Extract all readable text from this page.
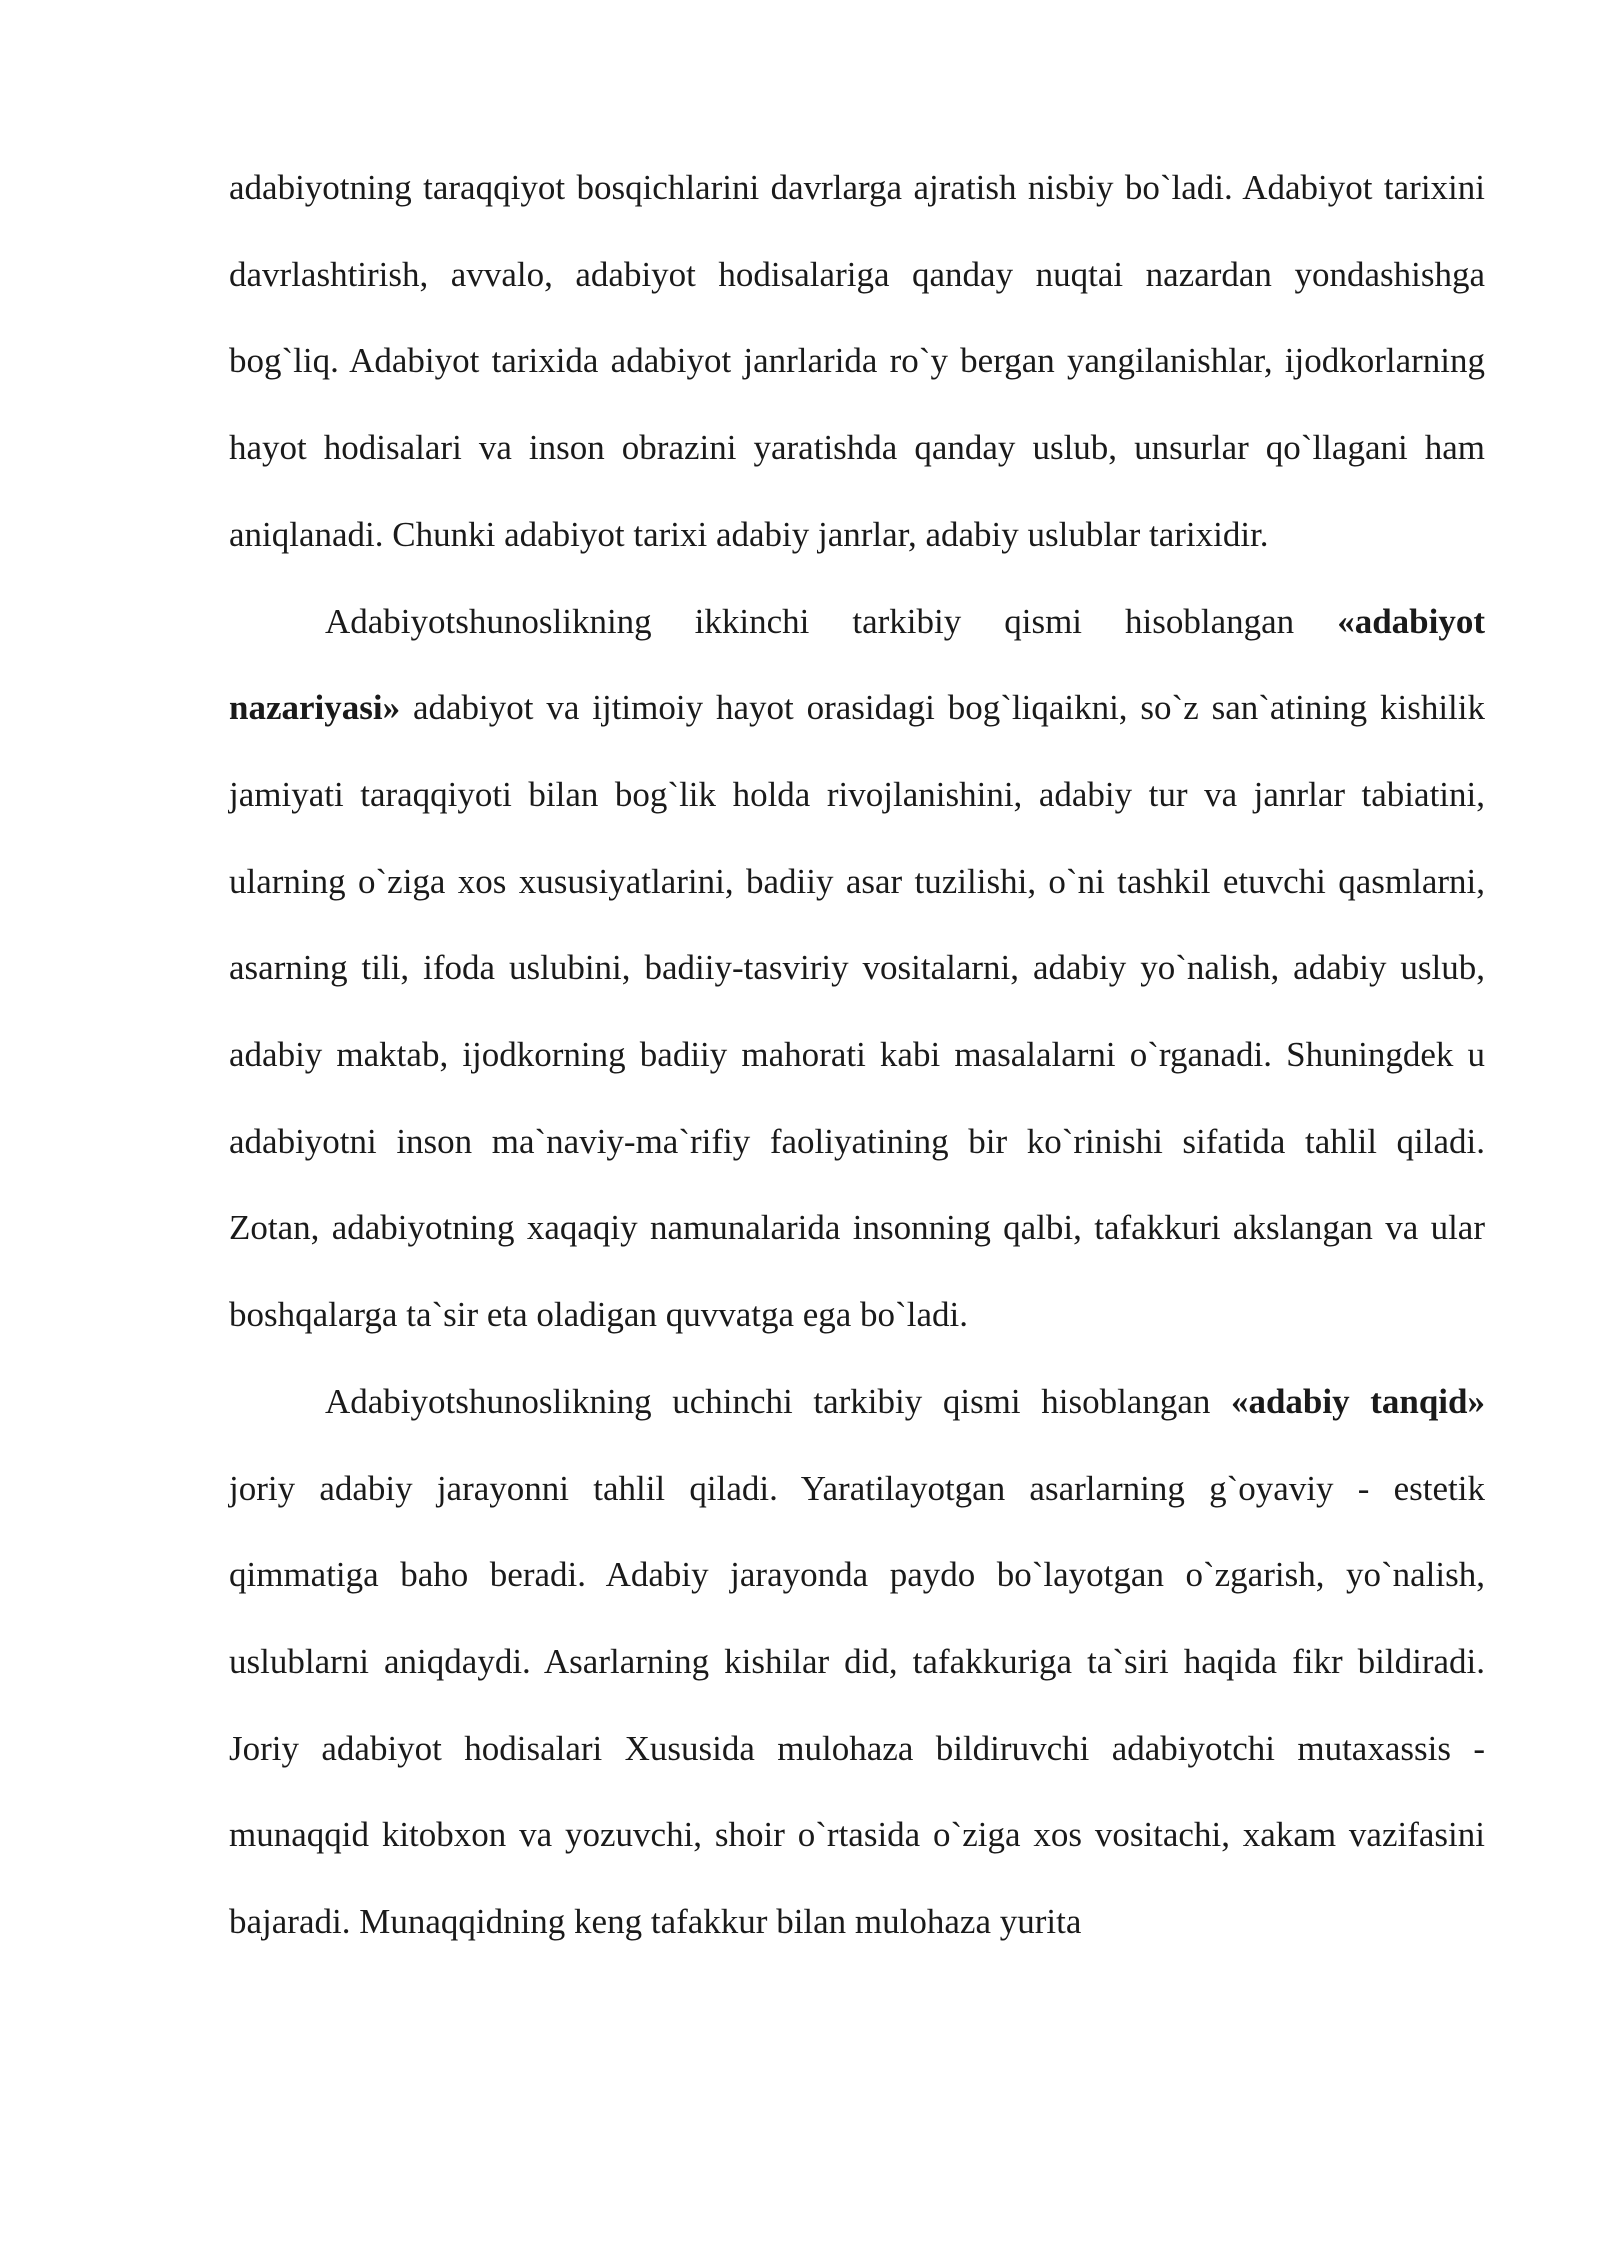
adabiyotning taraqqiyot bosqichlarini davrlarga ajratish nisbiy bo`ladi. Adabiyot tarixini davrlashtirish, avvalo, adabiyot hodisalariga qanday nuqtai nazardan yondashishga bog`liq. Adabiyot tarixida adabiyot janrlarida ro`y bergan yangilanishlar, ijodkorlarning hayot hodisalari va inson obrazini yaratishda qanday uslub, unsurlar qo`llagani ham aniqlanadi. Chunki adabiyot tarixi adabiy janrlar, adabiy uslublar tarixidir.

Adabiyotshunoslikning ikkinchi tarkibiy qismi hisoblangan «adabiyot nazariyasi» adabiyot va ijtimoiy hayot orasidagi bog`liqaikni, so`z san`atining kishilik jamiyati taraqqiyoti bilan bog`lik holda rivojlanishini, adabiy tur va janrlar tabiatini, ularning o`ziga xos xususiyatlarini, badiiy asar tuzilishi, o`ni tashkil etuvchi qasmlarni, asarning tili, ifoda uslubini, badiiy-tasviriy vositalarni, adabiy yo`nalish, adabiy uslub, adabiy maktab, ijodkorning badiiy mahorati kabi masalalarni o`rganadi. Shuningdek u adabiyotni inson ma`naviy-ma`rifiy faoliyatining bir ko`rinishi sifatida tahlil qiladi. Zotan, adabiyotning xaqaqiy namunalarida insonning qalbi, tafakkuri akslangan va ular boshqalarga ta`sir eta oladigan quvvatga ega bo`ladi.

Adabiyotshunoslikning uchinchi tarkibiy qismi hisoblangan «adabiy tanqid» joriy adabiy jarayonni tahlil qiladi. Yaratilayotgan asarlarning g`oyaviy - estetik qimmatiga baho beradi. Adabiy jarayonda paydo bo`layotgan o`zgarish, yo`nalish, uslublarni aniqdaydi. Asarlarning kishilar did, tafakkuriga ta`siri haqida fikr bildiradi. Joriy adabiyot hodisalari Xususida mulohaza bildiruvchi adabiyotchi mutaxassis - munaqqid kitobxon va yozuvchi, shoir o`rtasida o`ziga xos vositachi, xakam vazifasini bajaradi. Munaqqidning keng tafakkur bilan mulohaza yurita
